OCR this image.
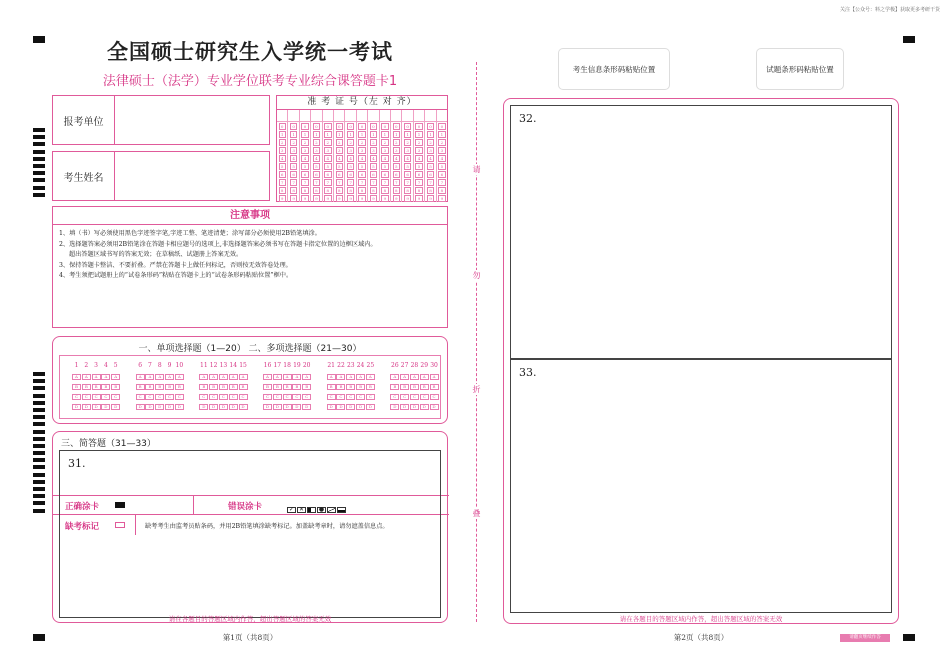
关注【公众号：料之学极】获取更多考研干货
全国硕士研究生入学统一考试
法律硕士（法学）专业学位联考专业综合课答题卡1
报考单位
考生姓名
准 考 证 号（左 对 齐）
0
1
2
3
4
5
6
7
8
9
0
1
2
3
4
5
6
7
8
9
0
1
2
3
4
5
6
7
8
9
0
1
2
3
4
5
6
7
8
9
0
1
2
3
4
5
6
7
8
9
0
1
2
3
4
5
6
7
8
9
0
1
2
3
4
5
6
7
8
9
0
1
2
3
4
5
6
7
8
9
0
1
2
3
4
5
6
7
8
9
0
1
2
3
4
5
6
7
8
9
0
1
2
3
4
5
6
7
8
9
0
1
2
3
4
5
6
7
8
9
0
1
2
3
4
5
6
7
8
9
0
1
2
3
4
5
6
7
8
9
0
1
2
3
4
5
6
7
8
9
注意事项
1、填（书）写必须使用黑色字迹签字笔,字迹工整、笔迹清楚；涂写部分必须使用2B铅笔填涂。
2、选择题答案必须用2B铅笔涂在答题卡相应题号的选项上,非选择题答案必须书写在答题卡指定位置的边框区域内。
超出答题区域书写的答案无效；在草稿纸、试题册上答案无效。
3、保持答题卡整洁、不要折叠。严禁在答题卡上做任何标记，否则按无效答卷处理。
4、考生须把试题册上的“试卷条形码”粘贴在答题卡上的“试卷条形码粘贴位置”框中。
正确涂卡	错误涂卡	✓ ✕ ●
缺考标记	缺考考生由监考员贴条码，并用2B铅笔填涂缺考标记。加盖缺考章时，请勿遮盖信息点。
一、单项选择题（1—20） 二、多项选择题（21—30）
1
A
B
C
D
2
A
B
C
D
3
A
B
C
D
4
A
B
C
D
5
A
B
C
D
6
A
B
C
D
7
A
B
C
D
8
A
B
C
D
9
A
B
C
D
10
A
B
C
D
11
A
B
C
D
12
A
B
C
D
13
A
B
C
D
14
A
B
C
D
15
A
B
C
D
16
A
B
C
D
17
A
B
C
D
18
A
B
C
D
19
A
B
C
D
20
A
B
C
D
21
A
B
C
D
22
A
B
C
D
23
A
B
C
D
24
A
B
C
D
25
A
B
C
D
26
A
B
C
D
27
A
B
C
D
28
A
B
C
D
29
A
B
C
D
30
A
B
C
D
三、简答题（31—33）
31.
请在各题目的答题区域内作答，超出答题区域的答案无效
第1页（共8页）
请
勿
折
叠
考生信息条形码粘贴位置	试题条形码粘贴位置
32.
33.
请在各题目的答题区域内作答，超出答题区域的答案无效
第2页（共8页）	请翻页继续作答
